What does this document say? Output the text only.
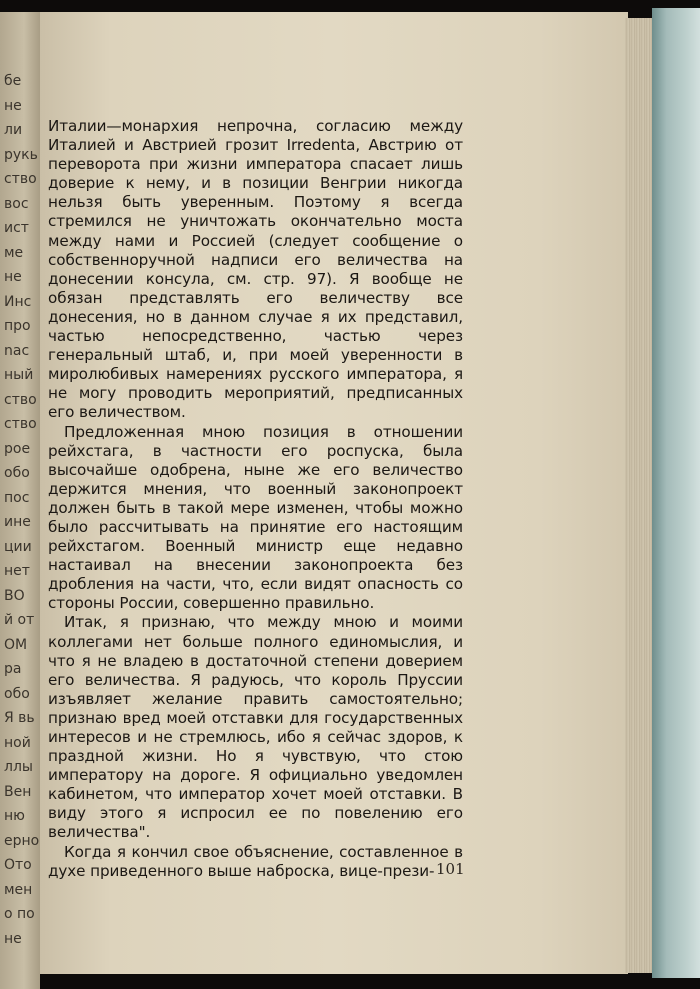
бе
не
ли
рукь
ство
вос
ист
ме
не
Инс
про
nac
ный
ство
ство
рое
обо
пос
ине
ции
нет
ВО
й от
ОМ
ра
обо
Я вь
ной
ллы
Вен
ню
ерно
Ото
мен
о по
не

Италии—монархия непрочна, согласию между Италией и Австрией грозит Irredenta, Австрию от переворота при жизни императора спасает лишь доверие к нему, и в позиции Венгрии никогда нельзя быть уверенным. Поэтому я всегда стремился не уничтожать окончательно моста между нами и Россией (следует сообщение о собственноручной надписи его величества на донесении консула, см. стр. 97). Я вообще не обязан представлять его величеству все донесения, но в данном случае я их представил, частью непосредственно, частью через генеральный штаб, и, при моей уверенности в миролюбивых намерениях русского императора, я не могу проводить мероприятий, предписанных его величеством.

Предложенная мною позиция в отношении рейхстага, в частности его роспуска, была высочайше одобрена, ныне же его величество держится мнения, что военный законопроект должен быть в такой мере изменен, чтобы можно было рассчитывать на принятие его настоящим рейхстагом. Военный министр еще недавно настаивал на внесении законопроекта без дробления на части, что, если видят опасность со стороны России, совершенно правильно.

Итак, я признаю, что между мною и моими коллегами нет больше полного единомыслия, и что я не владею в достаточной степени доверием его величества. Я радуюсь, что король Пруссии изъявляет желание править самостоятельно; признаю вред моей отставки для государственных интересов и не стремлюсь, ибо я сейчас здоров, к праздной жизни. Но я чувствую, что стою императору на дороге. Я официально уведомлен кабинетом, что император хочет моей отставки. В виду этого я испросил ее по повелению его величества".

Когда я кончил свое объяснение, составленное в духе приведенного выше наброска, вице-прези- 101
